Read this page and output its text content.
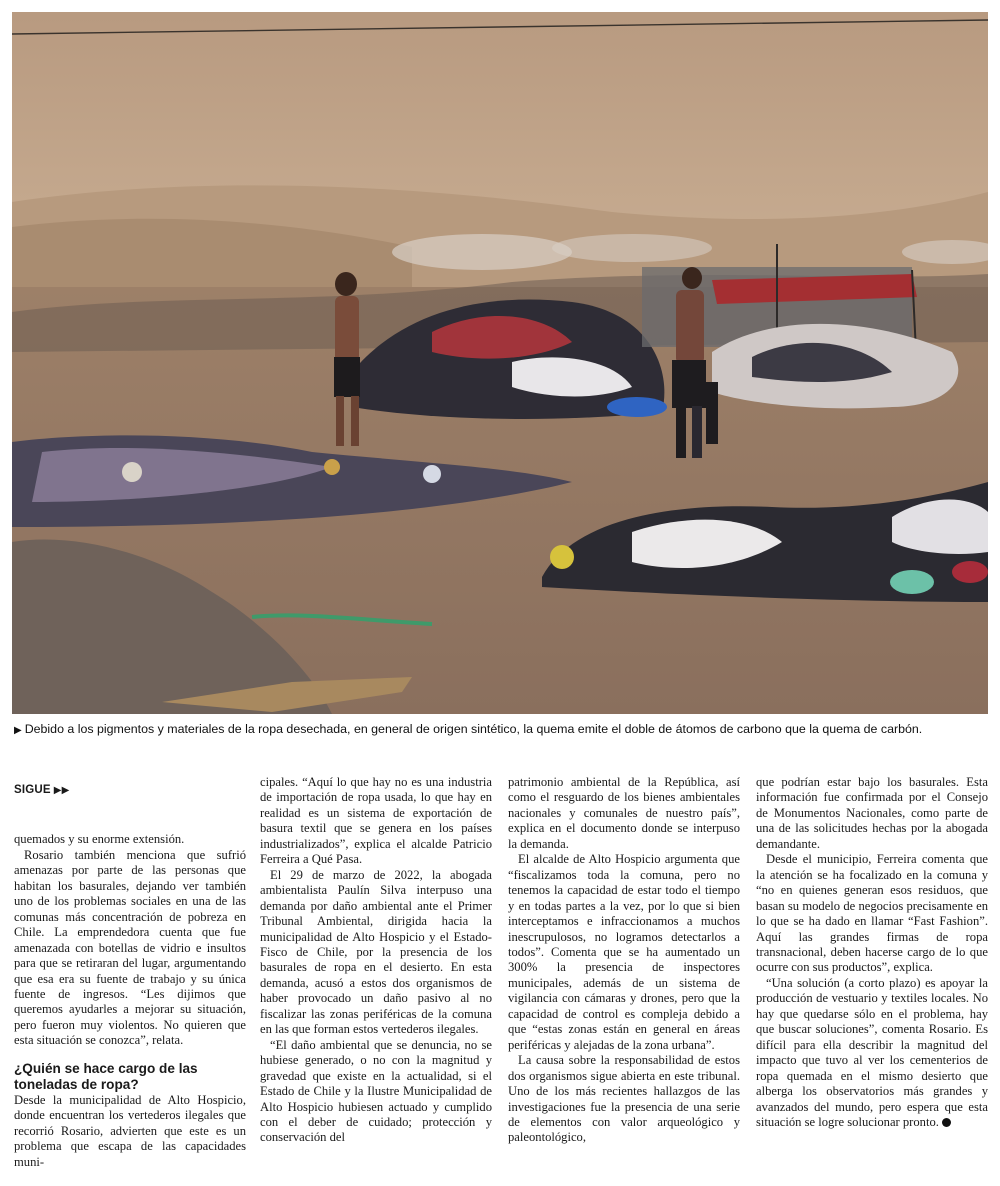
▶ Debido a los pigmentos y materiales de la ropa desechada, en general de origen sintético, la quema emite el doble de átomos de carbono que la quema de carbón.
SIGUE ▶▶

quemados y su enorme extensión.

Rosario también menciona que sufrió amenazas por parte de las personas que habitan los basurales, dejando ver también uno de los problemas sociales en una de las comunas más concentración de pobreza en Chile. La emprendedora cuenta que fue amenazada con botellas de vidrio e insultos para que se retiraran del lugar, argumentando que esa era su fuente de trabajo y su única fuente de ingresos. “Les dijimos que queremos ayudarles a mejorar su situación, pero fueron muy violentos. No quieren que esta situación se conozca”, relata.

¿Quién se hace cargo de las toneladas de ropa?

Desde la municipalidad de Alto Hospicio, donde encuentran los vertederos ilegales que recorrió Rosario, advierten que este es un problema que escapa de las capacidades muni-

cipales. “Aquí lo que hay no es una industria de importación de ropa usada, lo que hay en realidad es un sistema de exportación de basura textil que se genera en los países industrializados”, explica el alcalde Patricio Ferreira a Qué Pasa.

El 29 de marzo de 2022, la abogada ambientalista Paulín Silva interpuso una demanda por daño ambiental ante el Primer Tribunal Ambiental, dirigida hacia la municipalidad de Alto Hospicio y el Estado-Fisco de Chile, por la presencia de los basurales de ropa en el desierto. En esta demanda, acusó a estos dos organismos de haber provocado un daño pasivo al no fiscalizar las zonas periféricas de la comuna en las que forman estos vertederos ilegales.

“El daño ambiental que se denuncia, no se hubiese generado, o no con la magnitud y gravedad que existe en la actualidad, si el Estado de Chile y la Ilustre Municipalidad de Alto Hospicio hubiesen actuado y cumplido con el deber de cuidado; protección y conservación del

patrimonio ambiental de la República, así como el resguardo de los bienes ambientales nacionales y comunales de nuestro país”, explica en el documento donde se interpuso la demanda.

El alcalde de Alto Hospicio argumenta que “fiscalizamos toda la comuna, pero no tenemos la capacidad de estar todo el tiempo y en todas partes a la vez, por lo que si bien interceptamos e infraccionamos a muchos inescrupulosos, no logramos detectarlos a todos”. Comenta que se ha aumentado un 300% la presencia de inspectores municipales, además de un sistema de vigilancia con cámaras y drones, pero que la capacidad de control es compleja debido a que “estas zonas están en general en áreas periféricas y alejadas de la zona urbana”.

La causa sobre la responsabilidad de estos dos organismos sigue abierta en este tribunal. Uno de los más recientes hallazgos de las investigaciones fue la presencia de una serie de elementos con valor arqueológico y paleontológico,

que podrían estar bajo los basurales. Esta información fue confirmada por el Consejo de Monumentos Nacionales, como parte de una de las solicitudes hechas por la abogada demandante.

Desde el municipio, Ferreira comenta que la atención se ha focalizado en la comuna y “no en quienes generan esos residuos, que basan su modelo de negocios precisamente en lo que se ha dado en llamar “Fast Fashion”. Aquí las grandes firmas de ropa transnacional, deben hacerse cargo de lo que ocurre con sus productos”, explica.

“Una solución (a corto plazo) es apoyar la producción de vestuario y textiles locales. No hay que quedarse sólo en el problema, hay que buscar soluciones”, comenta Rosario. Es difícil para ella describir la magnitud del impacto que tuvo al ver los cementerios de ropa quemada en el mismo desierto que alberga los observatorios más grandes y avanzados del mundo, pero espera que esta situación se logre solucionar pronto.
